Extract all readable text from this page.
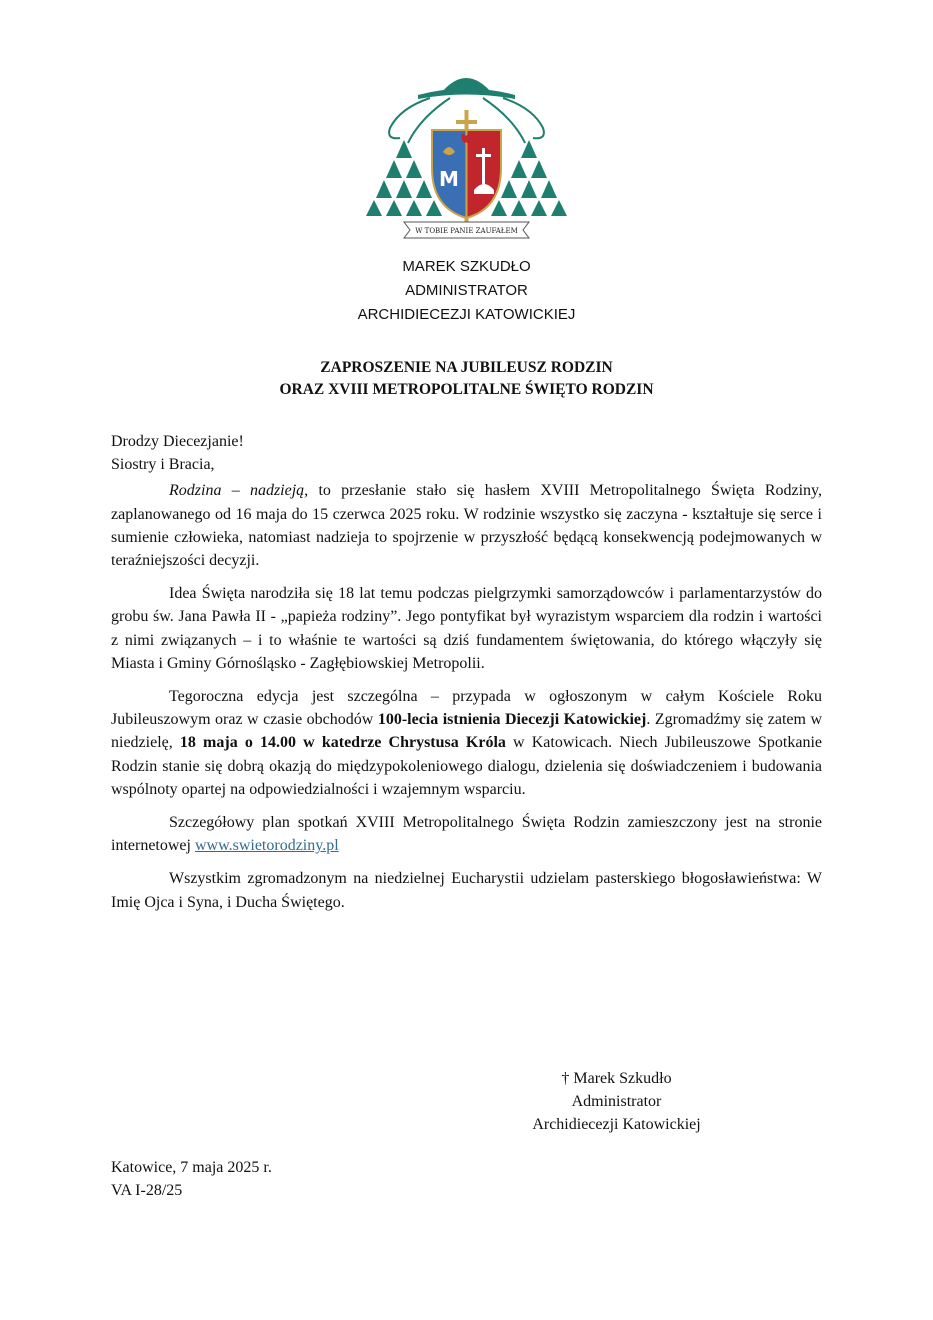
M
W TOBIE PANIE ZAUFAŁEM
MAREK SZKUDŁO
ADMINISTRATOR
ARCHIDIECEZJI KATOWICKIEJ
ZAPROSZENIE NA JUBILEUSZ RODZIN
ORAZ XVIII METROPOLITALNE ŚWIĘTO RODZIN

Drodzy Diecezjanie!

Siostry i Bracia,

Rodzina – nadzieją, to przesłanie stało się hasłem XVIII Metropolitalnego Święta Rodziny, zaplanowanego od 16 maja do 15 czerwca 2025 roku. W rodzinie wszystko się zaczyna - kształtuje się serce i sumienie człowieka, natomiast nadzieja to spojrzenie w przyszłość będącą konsekwencją podejmowanych w teraźniejszości decyzji.

Idea Święta narodziła się 18 lat temu podczas pielgrzymki samorządowców i parlamentarzystów do grobu św. Jana Pawła II - „papieża rodziny”. Jego pontyfikat był wyrazistym wsparciem dla rodzin i wartości z nimi związanych – i to właśnie te wartości są dziś fundamentem świętowania, do którego włączyły się Miasta i Gminy Górnośląsko - Zagłębiowskiej Metropolii.

Tegoroczna edycja jest szczególna – przypada w ogłoszonym w całym Kościele Roku Jubileuszowym oraz w czasie obchodów 100-lecia istnienia Diecezji Katowickiej. Zgromadźmy się zatem w niedzielę, 18 maja o 14.00 w katedrze Chrystusa Króla w Katowicach. Niech Jubileuszowe Spotkanie Rodzin stanie się dobrą okazją do międzypokoleniowego dialogu, dzielenia się doświadczeniem i budowania wspólnoty opartej na odpowiedzialności i wzajemnym wsparciu.

Szczegółowy plan spotkań XVIII Metropolitalnego Święta Rodzin zamieszczony jest na stronie internetowej www.swietorodziny.pl

Wszystkim zgromadzonym na niedzielnej Eucharystii udzielam pasterskiego błogosławieństwa: W Imię Ojca i Syna, i Ducha Świętego.

† Marek Szkudło
Administrator
Archidiecezji Katowickiej
Katowice, 7 maja 2025 r.
VA I-28/25
